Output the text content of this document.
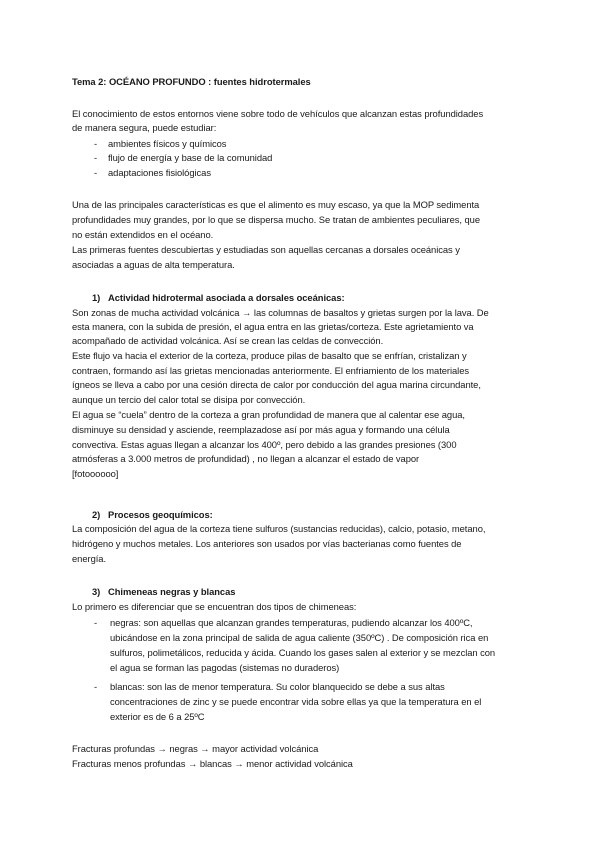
Tema 2: OCÉANO PROFUNDO : fuentes hidrotermales
El conocimiento de estos entornos viene sobre todo de vehículos que alcanzan estas profundidades
de manera segura, puede estudiar:
- ambientes físicos y químicos
- flujo de energía y base de la comunidad
- adaptaciones fisiológicas
Una de las principales características es que el alimento es muy escaso, ya que la MOP sedimenta
profundidades muy grandes, por lo que se dispersa mucho. Se tratan de ambientes peculiares, que
no están extendidos en el océano.
Las primeras fuentes descubiertas y estudiadas son aquellas cercanas a dorsales oceánicas y
asociadas a aguas de alta temperatura.
1) Actividad hidrotermal asociada a dorsales oceánicas:
Son zonas de mucha actividad volcánica → las columnas de basaltos y grietas surgen por la lava. De
esta manera, con la subida de presión, el agua entra en las grietas/corteza. Este agrietamiento va
acompañado de actividad volcánica. Así se crean las celdas de convección.
Este flujo va hacia el exterior de la corteza, produce pilas de basalto que se enfrían, cristalizan y
contraen, formando así las grietas mencionadas anteriormente. El enfriamiento de los materiales
ígneos se lleva a cabo por una cesión directa de calor por conducción del agua marina circundante,
aunque un tercio del calor total se disipa por convección.
El agua se “cuela” dentro de la corteza a gran profundidad de manera que al calentar ese agua,
disminuye su densidad y asciende, reemplazadose así por más agua y formando una célula
convectiva. Estas aguas llegan a alcanzar los 400º, pero debido a las grandes presiones (300
atmósferas a 3.000 metros de profundidad) , no llegan a alcanzar el estado de vapor
[fotoooooo]
2) Procesos geoquímicos:
La composición del agua de la corteza tiene sulfuros (sustancias reducidas), calcio, potasio, metano,
hidrógeno y muchos metales. Los anteriores son usados por vías bacterianas como fuentes de
energía.
3) Chimeneas negras y blancas
Lo primero es diferenciar que se encuentran dos tipos de chimeneas:
- negras: son aquellas que alcanzan grandes temperaturas, pudiendo alcanzar los 400ºC,
ubicándose en la zona principal de salida de agua caliente (350ºC) . De composición rica en
sulfuros, polimetálicos, reducida y ácida. Cuando los gases salen al exterior y se mezclan con
el agua se forman las pagodas (sistemas no duraderos)
- blancas: son las de menor temperatura. Su color blanquecido se debe a sus altas
concentraciones de zinc y se puede encontrar vida sobre ellas ya que la temperatura en el
exterior es de 6 a 25ºC
Fracturas profundas → negras → mayor actividad volcánica
Fracturas menos profundas → blancas → menor actividad volcánica
